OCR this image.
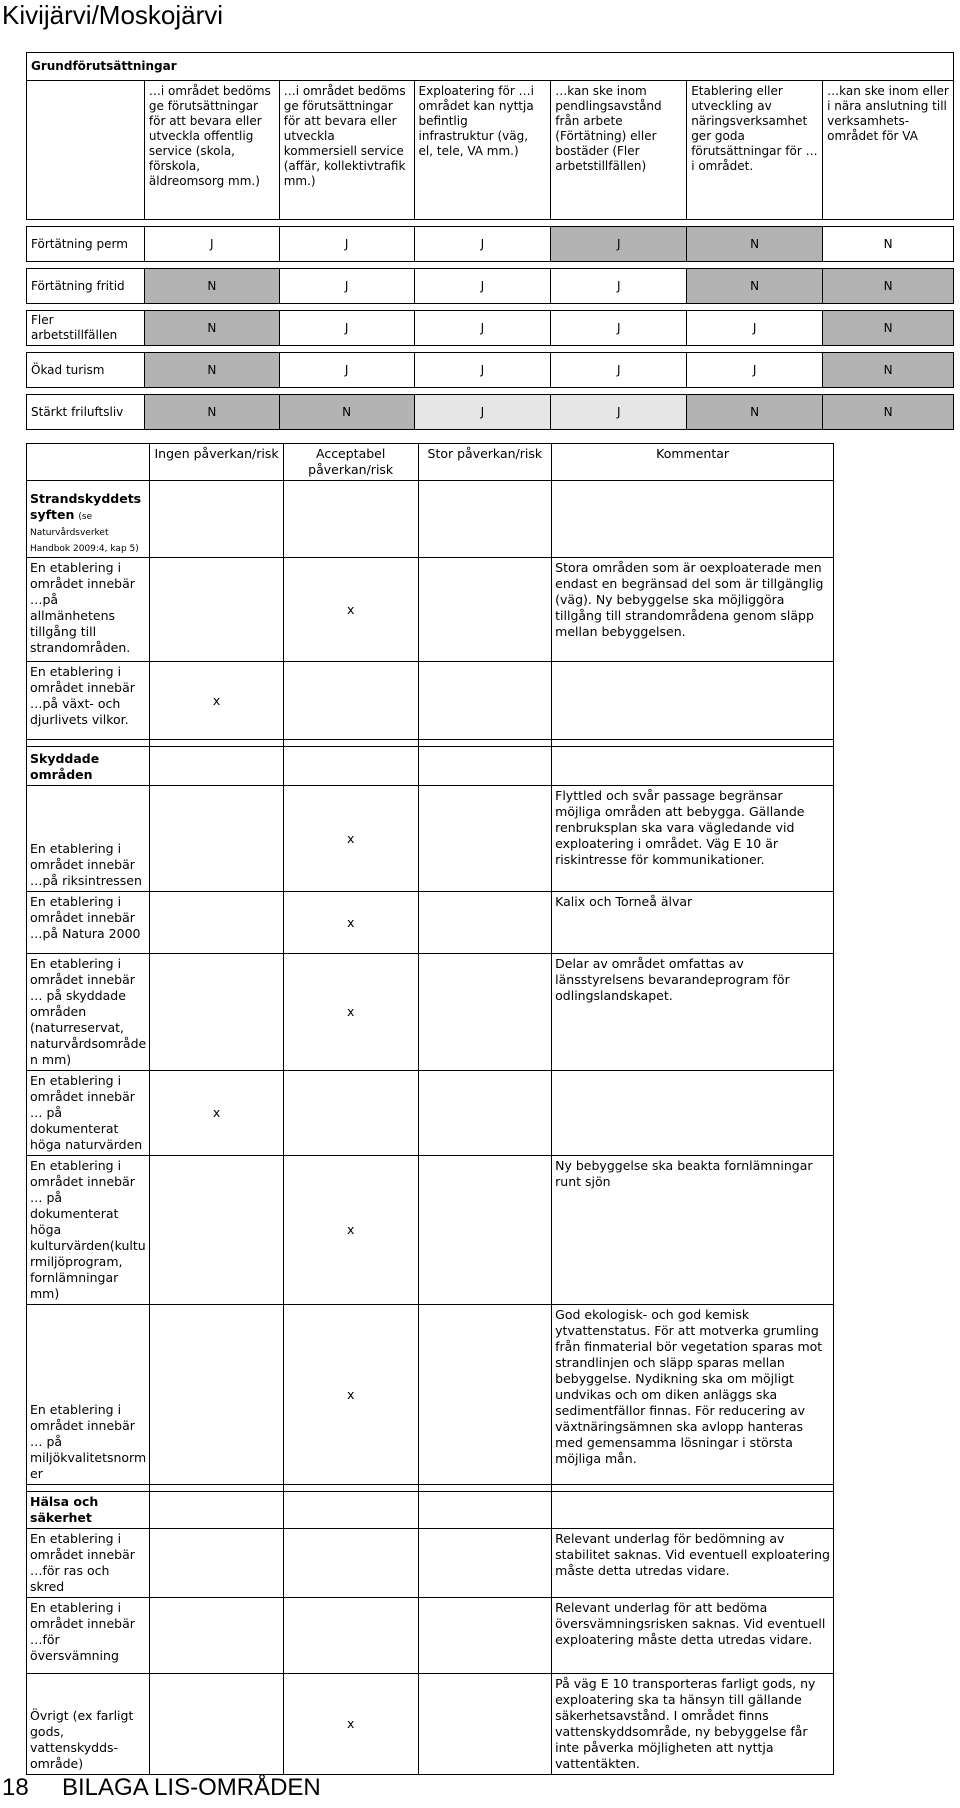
Kivijärvi/Moskojärvi
Grundförutsättningar						
	…i området bedöms ge förutsättningar för att bevara eller utveckla offentlig service (skola, förskola, äldreomsorg mm.)	…i området bedöms ge förutsättningar för att bevara eller utveckla kommersiell service (affär, kollektivtrafik mm.)	Exploatering för …i området kan nyttja befintlig infrastruktur (väg, el, tele, VA mm.)	…kan ske inom pendlingsavstånd från arbete (Förtätning) eller bostäder (Fler arbetstillfällen)	Etablering eller utveckling av näringsverksamhet ger goda förutsättningar för … i området.	…kan ske inom eller i nära anslutning till verksamhets-området för VA

Förtätning perm	J	J	J	J	N	N

Förtätning fritid	N	J	J	J	N	N

Fler arbetstillfällen	N	J	J	J	J	N

Ökad turism	N	J	J	J	J	N

Stärkt friluftsliv	N	N	J	J	N	N
	Ingen påverkan/risk	Acceptabel påverkan/risk	Stor påverkan/risk	Kommentar
Strandskyddets syften (se Naturvårdsverket Handbok 2009:4, kap 5)				
En etablering i området innebär …på allmänhetens tillgång till strandområden.		x		Stora områden som är oexploaterade men endast en begränsad del som är tillgänglig (väg). Ny bebyggelse ska möjliggöra tillgång till strandområdena genom släpp mellan bebyggelsen.
En etablering i området innebär …på växt- och djurlivets vilkor.	x			

Skyddade områden				
En etablering i området innebär …på riksintressen		x		Flyttled och svår passage begränsar möjliga områden att bebygga. Gällande renbruksplan ska vara vägledande vid exploatering i området. Väg E 10 är riskintresse för kommunikationer.
En etablering i området innebär …på Natura 2000		x		Kalix och Torneå älvar
En etablering i området innebär … på skyddade områden (naturreservat, naturvårdsområde n mm)		x		Delar av området omfattas av länsstyrelsens bevarandeprogram för odlingslandskapet.
En etablering i området innebär … på dokumenterat höga naturvärden	x			
En etablering i området innebär … på dokumenterat höga kulturvärden(kultu rmiljöprogram, fornlämningar mm)		x		Ny bebyggelse ska beakta fornlämningar runt sjön
En etablering i området innebär … på miljökvalitetsnorm er		x		God ekologisk- och god kemisk ytvattenstatus. För att motverka grumling från finmaterial bör vegetation sparas mot strandlinjen och släpp sparas mellan bebyggelse. Nydikning ska om möjligt undvikas och om diken anläggs ska sedimentfällor finnas. För reducering av växtnäringsämnen ska avlopp hanteras med gemensamma lösningar i största möjliga mån.

Hälsa och säkerhet				
En etablering i området innebär …för ras och skred				Relevant underlag för bedömning av stabilitet saknas. Vid eventuell exploatering måste detta utredas vidare.
En etablering i området innebär …för översvämning				Relevant underlag för att bedöma översvämningsrisken saknas. Vid eventuell exploatering måste detta utredas vidare.
Övrigt (ex farligt gods, vattenskydds-område)		x		På väg E 10 transporteras farligt gods, ny exploatering ska ta hänsyn till gällande säkerhetsavstånd. I området finns vattenskyddsområde, ny bebyggelse får inte påverka möjligheten att nyttja vattentäkten.
18 BILAGA LIS-OMRÅDEN
